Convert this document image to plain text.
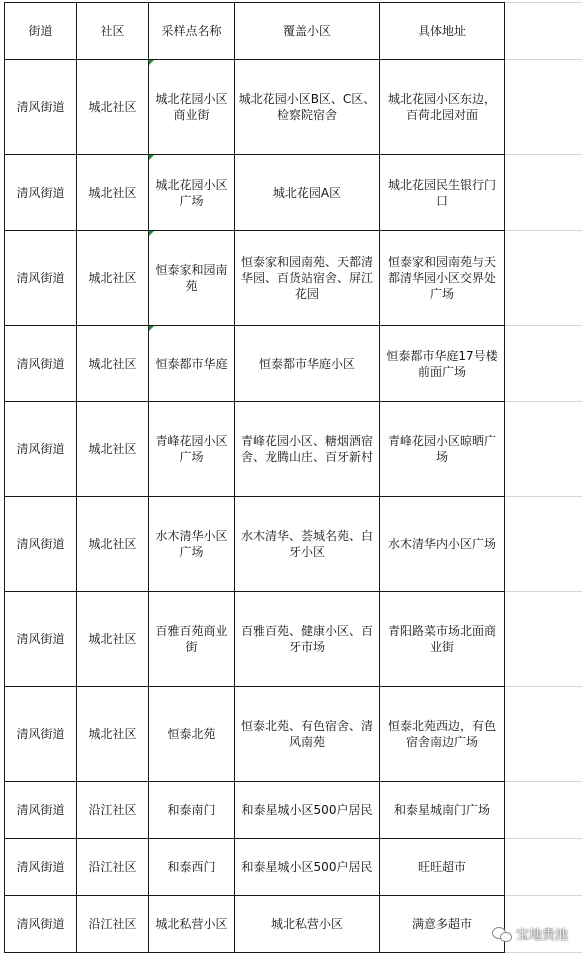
街道	社区	采样点名称	覆盖小区	具体地址	
清风街道	城北社区	城北花园小区商业街	城北花园小区B区、C区、检察院宿舍	城北花园小区东边，百荷北园对面	
清风街道	城北社区	城北花园小区广场	城北花园A区	城北花园民生银行门口	
清风街道	城北社区	恒泰家和园南苑	恒泰家和园南苑、天都清华园、百货站宿舍、屏江花园	恒泰家和园南苑与天都清华园小区交界处广场	
清风街道	城北社区	恒泰都市华庭	恒泰都市华庭小区	恒泰都市华庭17号楼前面广场	
清风街道	城北社区	青峰花园小区广场	青峰花园小区、糖烟酒宿舍、龙腾山庄、百牙新村	青峰花园小区晾晒广场	
清风街道	城北社区	水木清华小区广场	水木清华、荟城名苑、白牙小区	水木清华内小区广场	
清风街道	城北社区	百雅百苑商业街	百雅百苑、健康小区、百牙市场	青阳路菜市场北面商业街	
清风街道	城北社区	恒泰北苑	恒泰北苑、有色宿舍、清风南苑	恒泰北苑西边，有色宿舍南边广场	
清风街道	沿江社区	和泰南门	和泰星城小区500户居民	和泰星城南门广场	
清风街道	沿江社区	和泰西门	和泰星城小区500户居民	旺旺超市	
清风街道	沿江社区	城北私营小区	城北私营小区	满意多超市	
宝地贵池
